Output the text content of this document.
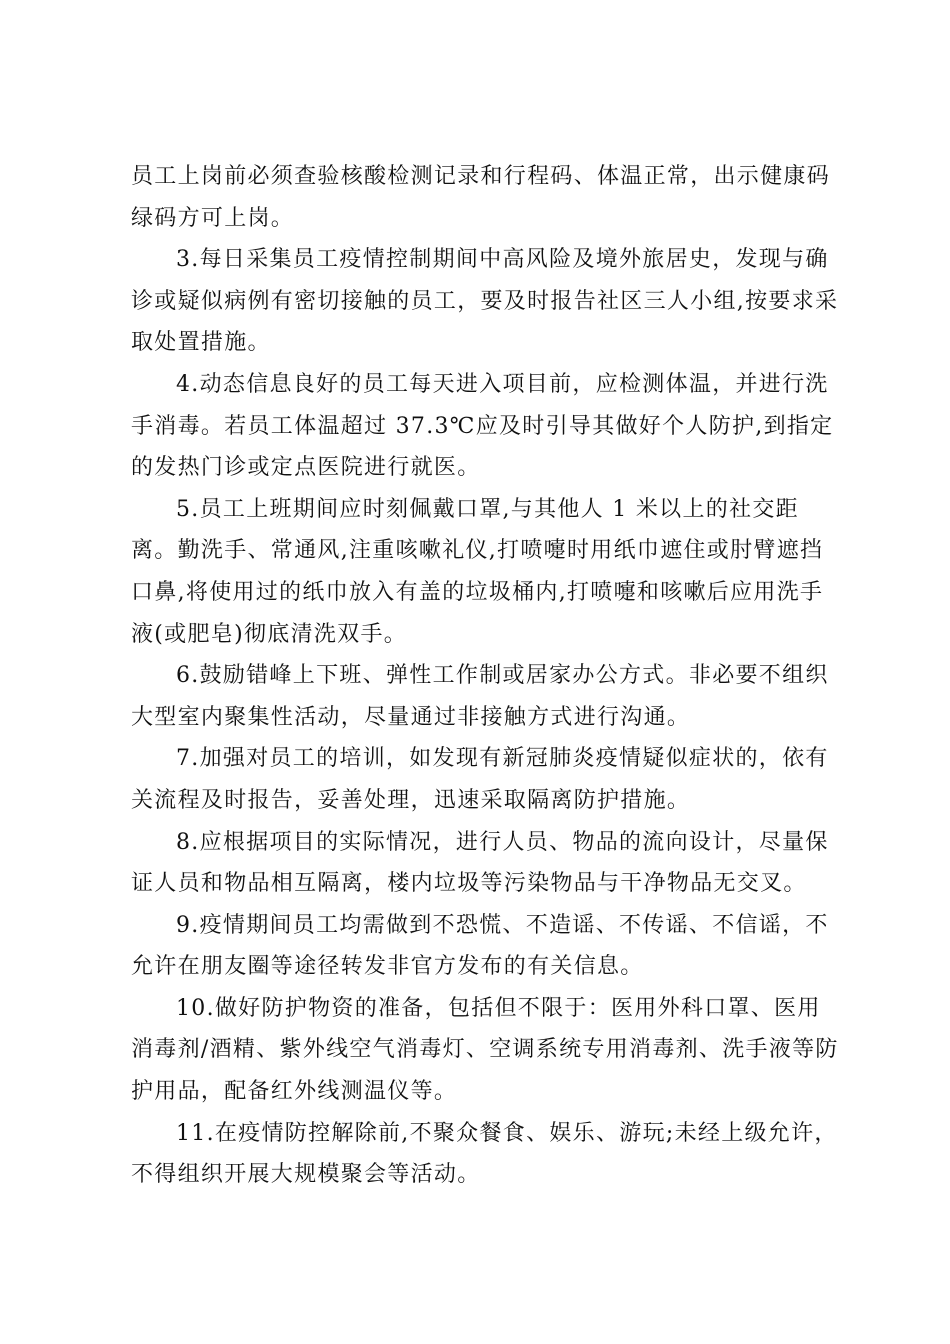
员工上岗前必须查验核酸检测记录和行程码、体温正常，出示健康码绿码方可上岗。

3.每日采集员工疫情控制期间中高风险及境外旅居史，发现与确诊或疑似病例有密切接触的员工，要及时报告社区三人小组,按要求采取处置措施。

4.动态信息良好的员工每天进入项目前，应检测体温，并进行洗手消毒。若员工体温超过 37.3℃应及时引导其做好个人防护,到指定的发热门诊或定点医院进行就医。

5.员工上班期间应时刻佩戴口罩,与其他人 1 米以上的社交距离。勤洗手、常通风,注重咳嗽礼仪,打喷嚏时用纸巾遮住或肘臂遮挡口鼻,将使用过的纸巾放入有盖的垃圾桶内,打喷嚏和咳嗽后应用洗手液(或肥皂)彻底清洗双手。

6.鼓励错峰上下班、弹性工作制或居家办公方式。非必要不组织大型室内聚集性活动，尽量通过非接触方式进行沟通。

7.加强对员工的培训，如发现有新冠肺炎疫情疑似症状的，依有关流程及时报告，妥善处理，迅速采取隔离防护措施。

8.应根据项目的实际情况，进行人员、物品的流向设计，尽量保证人员和物品相互隔离，楼内垃圾等污染物品与干净物品无交叉。

9.疫情期间员工均需做到不恐慌、不造谣、不传谣、不信谣，不允许在朋友圈等途径转发非官方发布的有关信息。

10.做好防护物资的准备，包括但不限于：医用外科口罩、医用消毒剂/酒精、紫外线空气消毒灯、空调系统专用消毒剂、洗手液等防护用品，配备红外线测温仪等。

11.在疫情防控解除前,不聚众餐食、娱乐、游玩;未经上级允许，不得组织开展大规模聚会等活动。
